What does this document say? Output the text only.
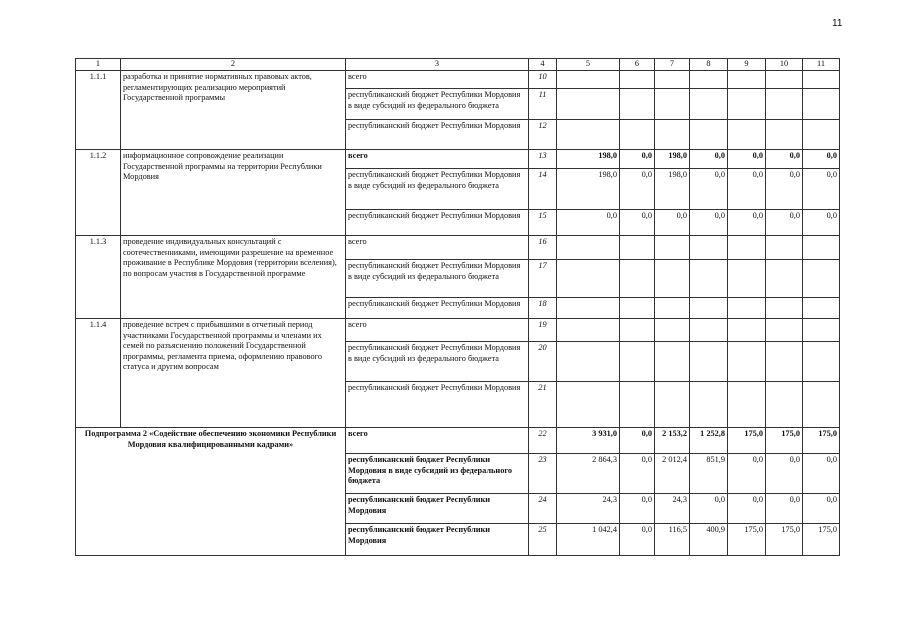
11
1	2	3	4	5	6	7	8	9	10	11
1.1.1	разработка и принятие нормативных правовых актов, регламентирующих реализацию мероприятий Государственной программы	всего	10							
		республиканский бюджет Республики Мордовия в виде субсидий из федерального бюджета	11							
		республиканский бюджет Республики Мордовия	12							
1.1.2	информационное сопровождение реализации Государственной программы на территории Республики Мордовия	всего	13	198,0	0,0	198,0	0,0	0,0	0,0	0,0
		республиканский бюджет Республики Мордовия в виде субсидий из федерального бюджета	14	198,0	0,0	198,0	0,0	0,0	0,0	0,0
		республиканский бюджет Республики Мордовия	15	0,0	0,0	0,0	0,0	0,0	0,0	0,0
1.1.3	проведение индивидуальных консультаций с соотечественниками, имеющими разрешение на временное проживание в Республике Мордовия (территории вселения), по вопросам участия в Государственной программе	всего	16							
		республиканский бюджет Республики Мордовия в виде субсидий из федерального бюджета	17							
		республиканский бюджет Республики Мордовия	18							
1.1.4	проведение встреч с прибывшими в отчетный период участниками Государственной программы и членами их семей по разъяснению положений Государственной программы, регламента приема, оформлению правового статуса и другим вопросам	всего	19							
		республиканский бюджет Республики Мордовия в виде субсидий из федерального бюджета	20							
		республиканский бюджет Республики Мордовия	21							
Подпрограмма 2 «Содействие обеспечению экономики Республики Мордовия квалифицированными кадрами»		всего	22	3 931,0	0,0	2 153,2	1 252,8	175,0	175,0	175,0
		республиканский бюджет Республики Мордовия в виде субсидий из федерального бюджета	23	2 864,3	0,0	2 012,4	851,9	0,0	0,0	0,0
		республиканский бюджет Республики Мордовия	24	24,3	0,0	24,3	0,0	0,0	0,0	0,0
		республиканский бюджет Республики Мордовия	25	1 042,4	0,0	116,5	400,9	175,0	175,0	175,0
